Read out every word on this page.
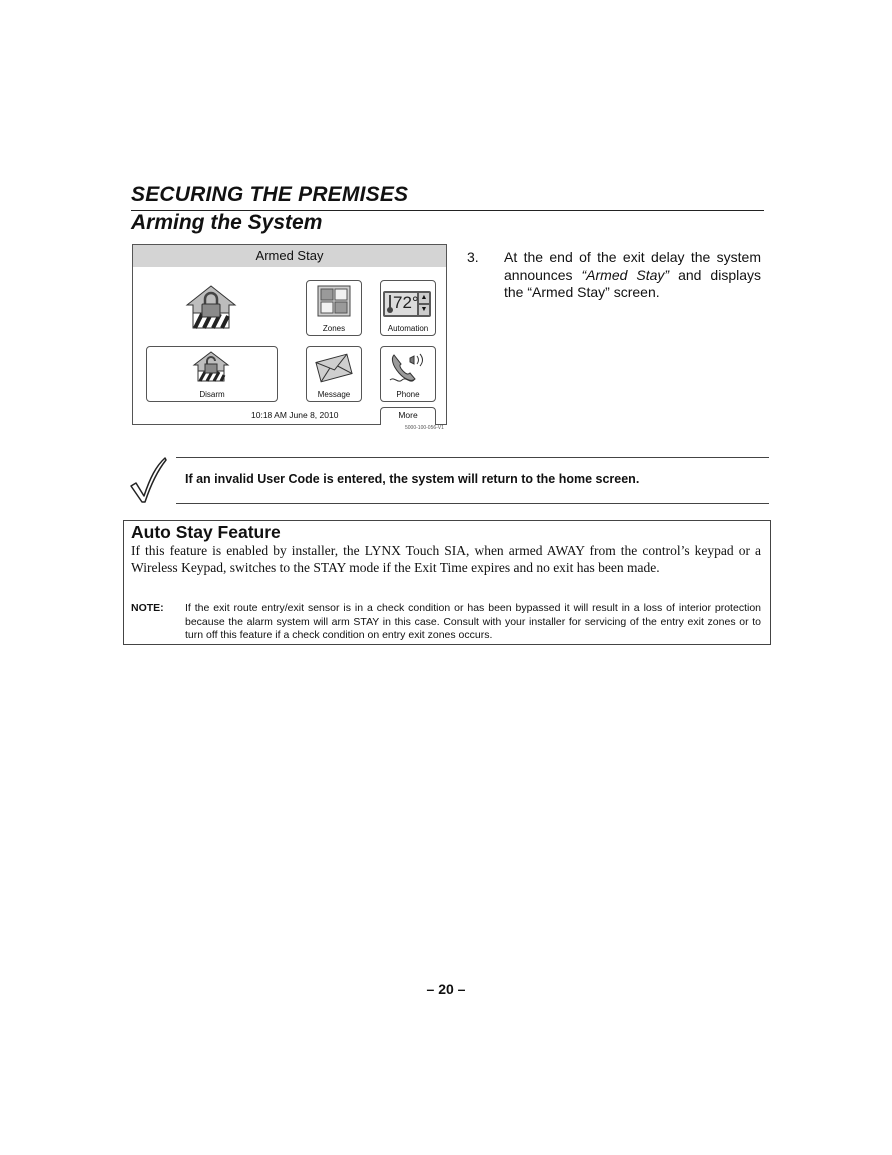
SECURING THE PREMISES
Arming the System
Armed Stay
Zones
72° ▲
▼
Automation
Disarm	Message	Phone
10:18 AM June 8, 2010	More
5000-100-056-V1
3. At the end of the exit delay the system announces “Armed Stay” and displays the “Armed Stay” screen.
If an invalid User Code is entered, the system will return to the home screen.
Auto Stay Feature
If this feature is enabled by installer, the LYNX Touch SIA, when armed AWAY from the control’s keypad or a Wireless Keypad, switches to the STAY mode if the Exit Time expires and no exit has been made.
NOTE: If the exit route entry/exit sensor is in a check condition or has been bypassed it will result in a loss of interior protection because the alarm system will arm STAY in this case. Consult with your installer for servicing of the entry exit zones or to turn off this feature if a check condition on entry exit zones occurs.
– 20 –
